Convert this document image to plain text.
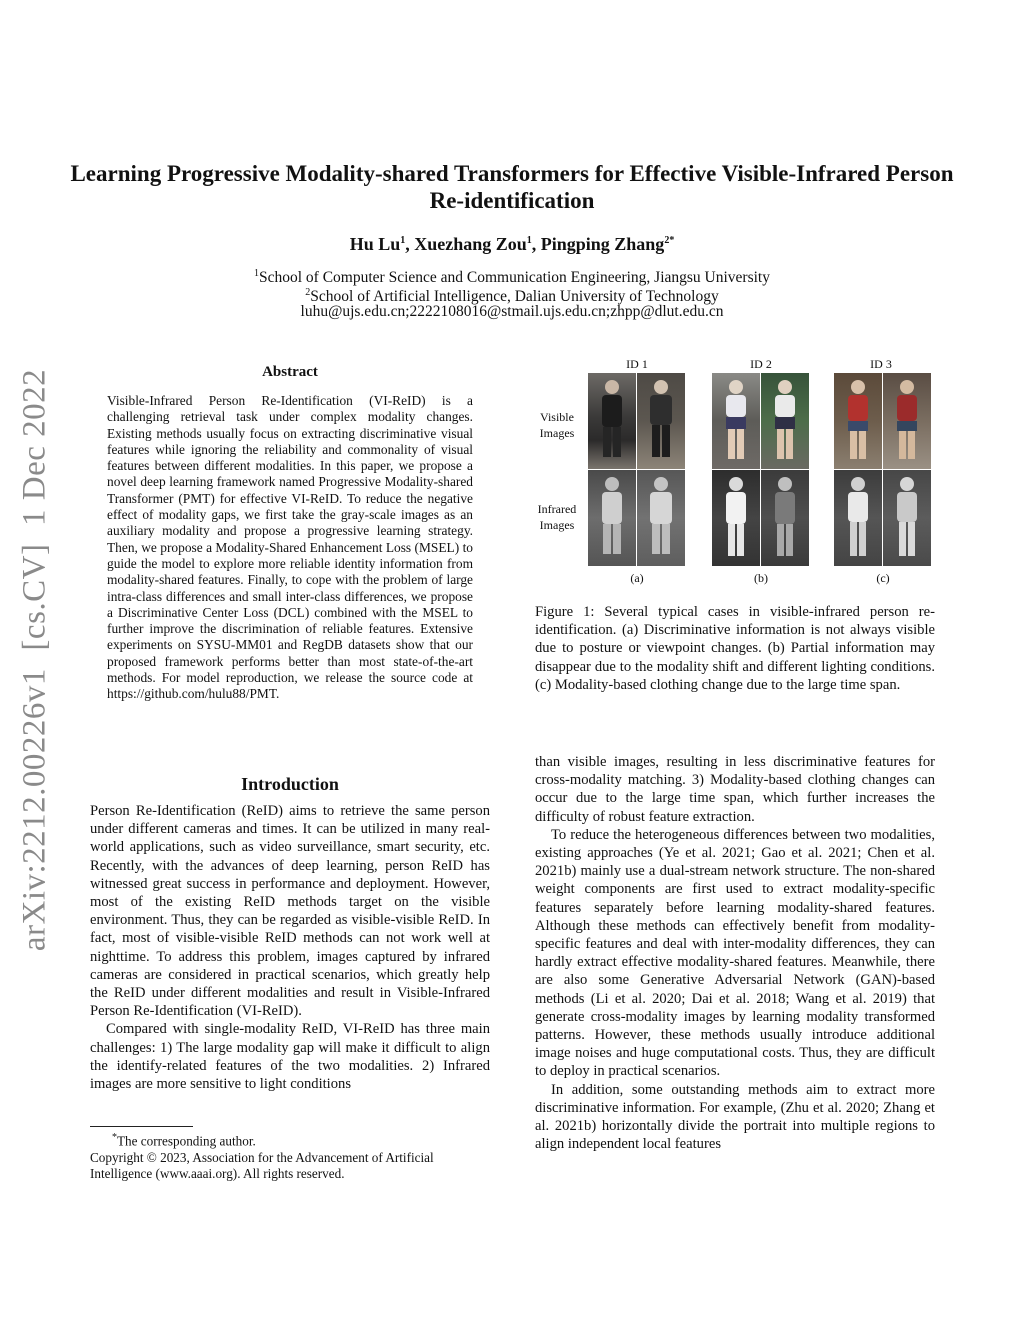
Learning Progressive Modality-shared Transformers for Effective Visible-Infrared Person Re-identification
Hu Lu$^1$, Xuezhang Zou$^1$, Pingping Zhang$^{2*}$
$^1$School of Computer Science and Communication Engineering, Jiangsu University
$^2$School of Artificial Intelligence, Dalian University of Technology
luhu@ujs.edu.cn;2222108016@stmail.ujs.edu.cn;zhpp@dlut.edu.cn
arXiv:2212.00226v1  [cs.CV]  1 Dec 2022	Abstract
Visible-Infrared Person Re-Identification (VI-ReID) is a challenging retrieval task under complex modality changes. Existing methods usually focus on extracting discriminative visual features while ignoring the reliability and commonality of visual features between different modalities. In this paper, we propose a novel deep learning framework named Progressive Modality-shared Transformer (PMT) for effective VI-ReID. To reduce the negative effect of modality gaps, we first take the gray-scale images as an auxiliary modality and propose a progressive learning strategy. Then, we propose a Modality-Shared Enhancement Loss (MSEL) to guide the model to explore more reliable identity information from modality-shared features. Finally, to cope with the problem of large intra-class differences and small inter-class differences, we propose a Discriminative Center Loss (DCL) combined with the MSEL to further improve the discrimination of reliable features. Extensive experiments on SYSU-MM01 and RegDB datasets show that our proposed framework performs better than most state-of-the-art methods. For model reproduction, we release the source code at https://github.com/hulu88/PMT.
Introduction

Person Re-Identification (ReID) aims to retrieve the same person under different cameras and times. It can be utilized in many real-world applications, such as video surveillance, smart security, etc. Recently, with the advances of deep learning, person ReID has witnessed great success in performance and deployment. However, most of the existing ReID methods target on the visible environment. Thus, they can be regarded as visible-visible ReID. In fact, most of visible-visible ReID methods can not work well at nighttime. To address this problem, images captured by infrared cameras are considered in practical scenarios, which greatly help the ReID under different modalities and result in Visible-Infrared Person Re-Identification (VI-ReID).

Compared with single-modality ReID, VI-ReID has three main challenges: 1) The large modality gap will make it difficult to align the identify-related features of the two modalities. 2) Infrared images are more sensitive to light conditions

*The corresponding author.
Copyright © 2023, Association for the Advancement of Artificial Intelligence (www.aaai.org). All rights reserved.
ID 1	ID 2	ID 3
Visible
Images
Infrared
Images
(a)	(b)	(c)
Figure 1: Several typical cases in visible-infrared person re-identification. (a) Discriminative information is not always visible due to posture or viewpoint changes. (b) Partial information may disappear due to the modality shift and different lighting conditions. (c) Modality-based clothing change due to the large time span.

than visible images, resulting in less discriminative features for cross-modality matching. 3) Modality-based clothing changes can occur due to the large time span, which further increases the difficulty of robust feature extraction.

To reduce the heterogeneous differences between two modalities, existing approaches (Ye et al. 2021; Gao et al. 2021; Chen et al. 2021b) mainly use a dual-stream network structure. The non-shared weight components are first used to extract modality-specific features separately before learning modality-shared features. Although these methods can effectively benefit from modality-specific features and deal with inter-modality differences, they can hardly extract effective modality-shared features. Meanwhile, there are also some Generative Adversarial Network (GAN)-based methods (Li et al. 2020; Dai et al. 2018; Wang et al. 2019) that generate cross-modality images by learning modality transformed patterns. However, these methods usually introduce additional image noises and huge computational costs. Thus, they are difficult to deploy in practical scenarios.

In addition, some outstanding methods aim to extract more discriminative information. For example, (Zhu et al. 2020; Zhang et al. 2021b) horizontally divide the portrait into multiple regions to align independent local features
